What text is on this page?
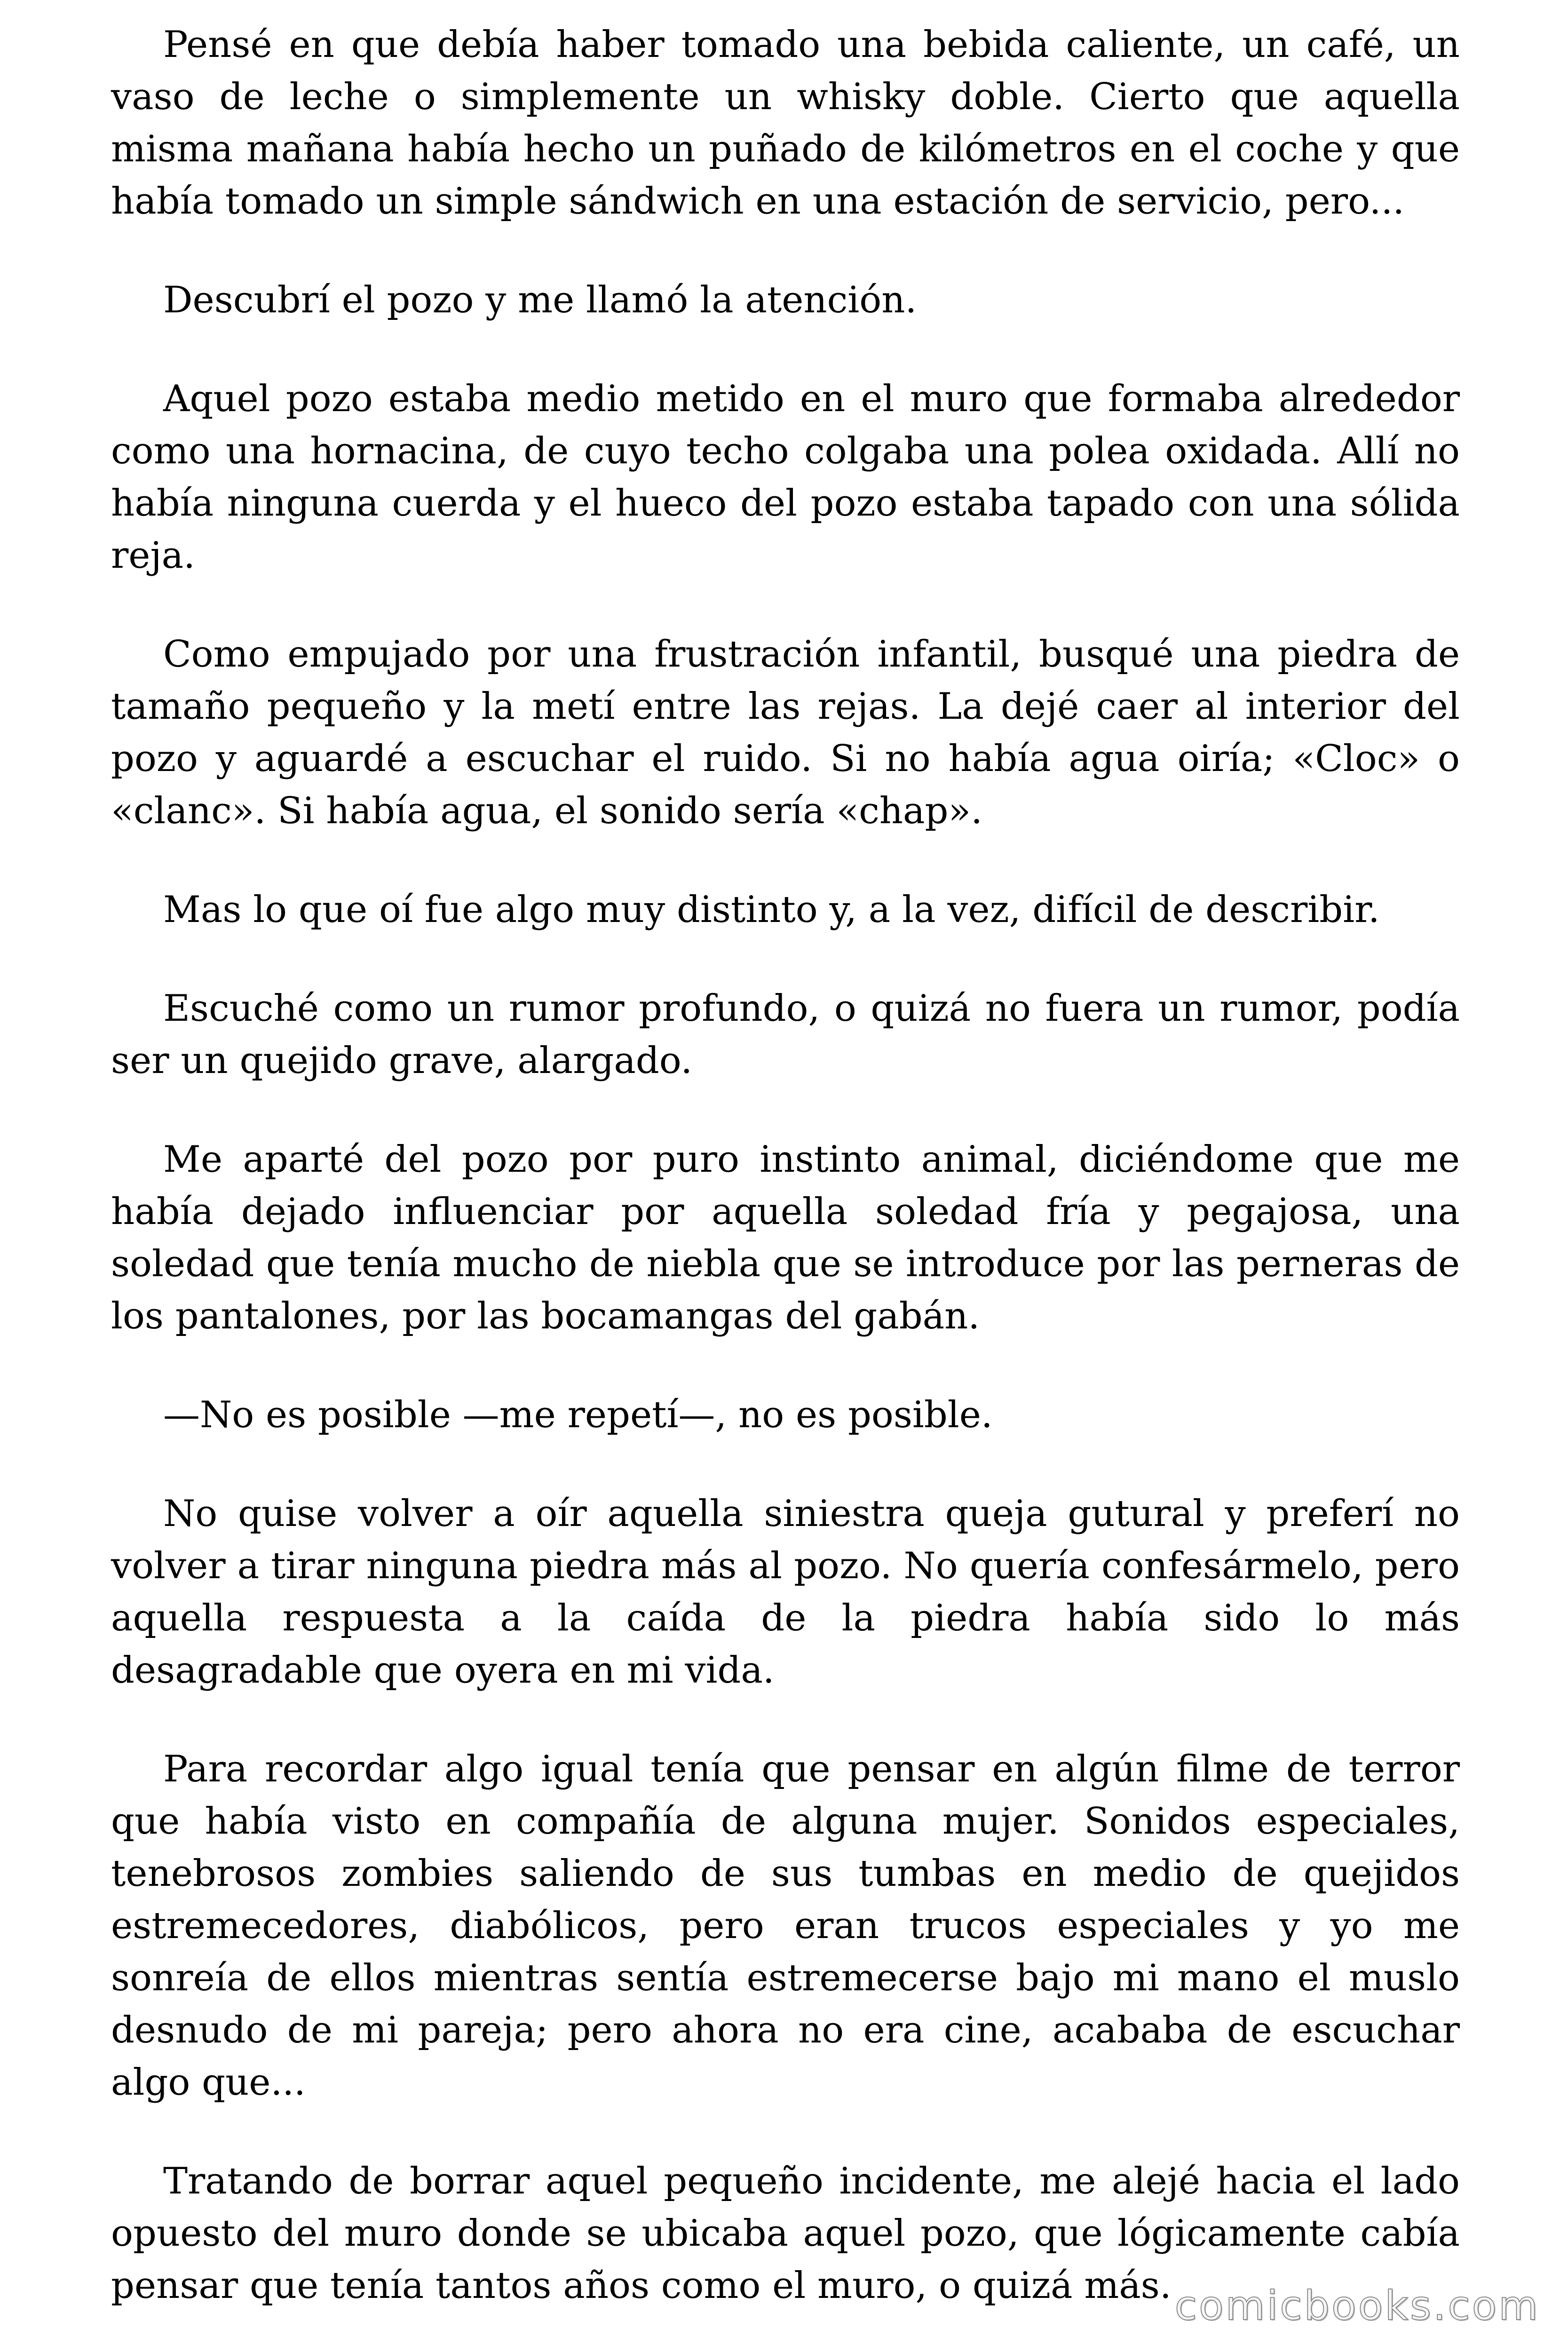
Pensé en que debía haber tomado una bebida caliente, un café, un vaso de leche o simplemente un whisky doble. Cierto que aquella misma mañana había hecho un puñado de kilómetros en el coche y que había tomado un simple sándwich en una estación de servicio, pero...

Descubrí el pozo y me llamó la atención.

Aquel pozo estaba medio metido en el muro que formaba alrededor como una hornacina, de cuyo techo colgaba una polea oxidada. Allí no había ninguna cuerda y el hueco del pozo estaba tapado con una sólida reja.

Como empujado por una frustración infantil, busqué una piedra de tamaño pequeño y la metí entre las rejas. La dejé caer al interior del pozo y aguardé a escuchar el ruido. Si no había agua oiría; «Cloc» o «clanc». Si había agua, el sonido sería «chap».

Mas lo que oí fue algo muy distinto y, a la vez, difícil de describir.

Escuché como un rumor profundo, o quizá no fuera un rumor, podía ser un quejido grave, alargado.

Me aparté del pozo por puro instinto animal, diciéndome que me había dejado influenciar por aquella soledad fría y pegajosa, una soledad que tenía mucho de niebla que se introduce por las perneras de los pantalones, por las bocamangas del gabán.

—No es posible —me repetí—, no es posible.

No quise volver a oír aquella siniestra queja gutural y preferí no volver a tirar ninguna piedra más al pozo. No quería confesármelo, pero aquella respuesta a la caída de la piedra había sido lo más desagradable que oyera en mi vida.

Para recordar algo igual tenía que pensar en algún filme de terror que había visto en compañía de alguna mujer. Sonidos especiales, tenebrosos zombies saliendo de sus tumbas en medio de quejidos estremecedores, diabólicos, pero eran trucos especiales y yo me sonreía de ellos mientras sentía estremecerse bajo mi mano el muslo desnudo de mi pareja; pero ahora no era cine, acababa de escuchar algo que...

Tratando de borrar aquel pequeño incidente, me alejé hacia el lado opuesto del muro donde se ubicaba aquel pozo, que lógicamente cabía pensar que tenía tantos años como el muro, o quizá más. comicbooks.com
